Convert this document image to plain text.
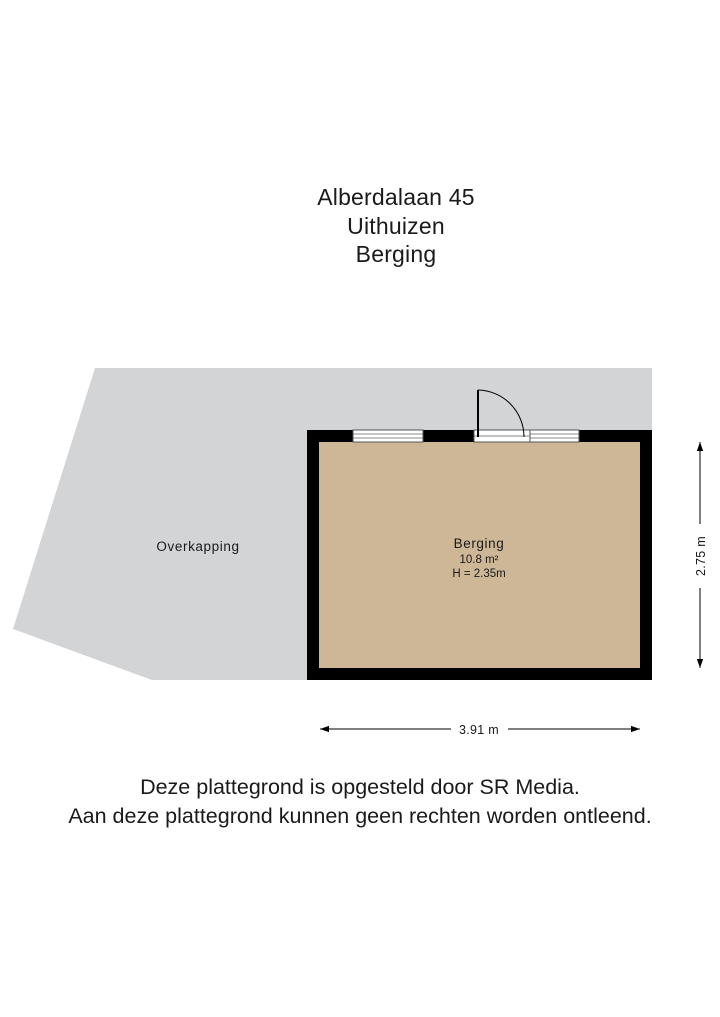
Alberdalaan 45
Uithuizen
Berging
Overkapping	Berging
10.8 m²
H = 2.35m
3.91 m
2.75 m
Deze plattegrond is opgesteld door SR Media.
Aan deze plattegrond kunnen geen rechten worden ontleend.
